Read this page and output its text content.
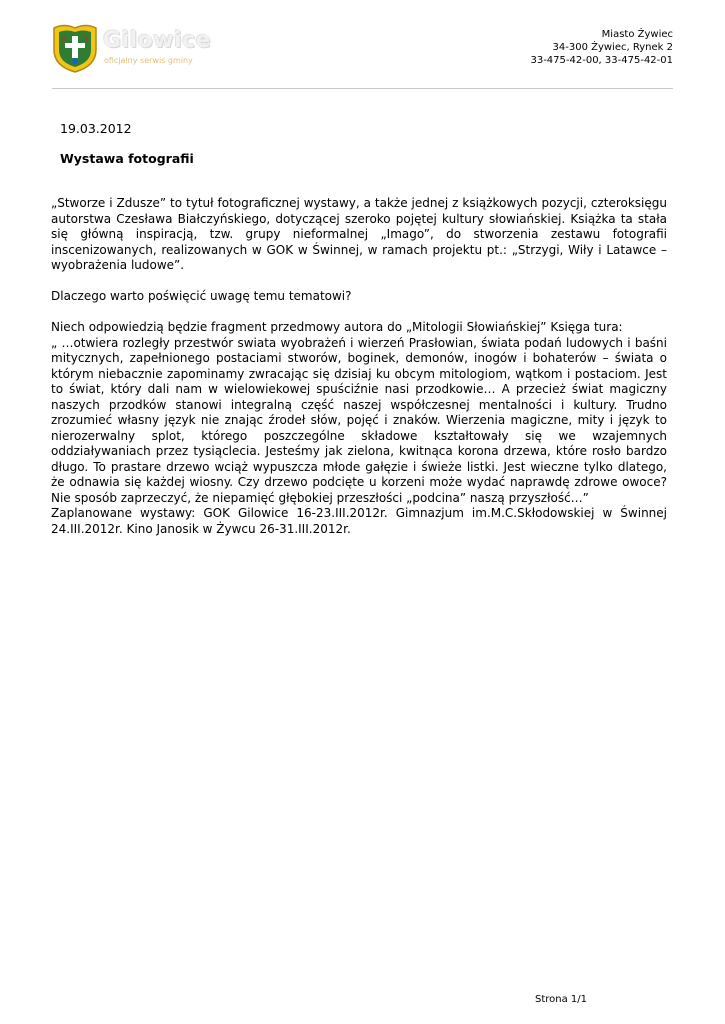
Gilowice
oficjalny serwis gminy
Miasto Żywiec
34-300 Żywiec, Rynek 2
33-475-42-00, 33-475-42-01
19.03.2012
Wystawa fotografii

„Stworze i Zdusze” to tytuł fotograficznej wystawy, a także jednej z książkowych pozycji, czteroksięgu autorstwa Czesława Białczyńskiego, dotyczącej szeroko pojętej kultury słowiańskiej. Książka ta stała się główną inspiracją, tzw. grupy nieformalnej „Imago”, do stworzenia zestawu fotografii inscenizowanych, realizowanych w GOK w Świnnej, w ramach projektu pt.: „Strzygi, Wiły i Latawce – wyobrażenia ludowe”.

Dlaczego warto poświęcić uwagę temu tematowi?

Niech odpowiedzią będzie fragment przedmowy autora do „Mitologii Słowiańskiej” Księga tura:

„ …otwiera rozległy przestwór swiata wyobrażeń i wierzeń Prasłowian, świata podań ludowych i baśni mitycznych, zapełnionego postaciami stworów, boginek, demonów, inogów i bohaterów – świata o którym niebacznie zapominamy zwracając się dzisiaj ku obcym mitologiom, wątkom i postaciom. Jest to świat, który dali nam w wielowiekowej spuściźnie nasi przodkowie… A przecież świat magiczny naszych przodków stanowi integralną część naszej współczesnej mentalności i kultury. Trudno zrozumieć własny język nie znając źrodeł słów, pojęć i znaków. Wierzenia magiczne, mity i język to nierozerwalny splot, którego poszczególne składowe kształtowały się we wzajemnych oddziaływaniach przez tysiąclecia. Jesteśmy jak zielona, kwitnąca korona drzewa, które rosło bardzo długo. To prastare drzewo wciąż wypuszcza młode gałęzie i świeże listki. Jest wieczne tylko dlatego, że odnawia się każdej wiosny. Czy drzewo podcięte u korzeni może wydać naprawdę zdrowe owoce? Nie sposób zaprzeczyć, że niepamięć głębokiej przeszłości „podcina” naszą przyszłość…”

Zaplanowane wystawy: GOK Gilowice 16-23.III.2012r. Gimnazjum im.M.C.Skłodowskiej w Świnnej 24.III.2012r. Kino Janosik w Żywcu 26-31.III.2012r.

Strona 1/1
